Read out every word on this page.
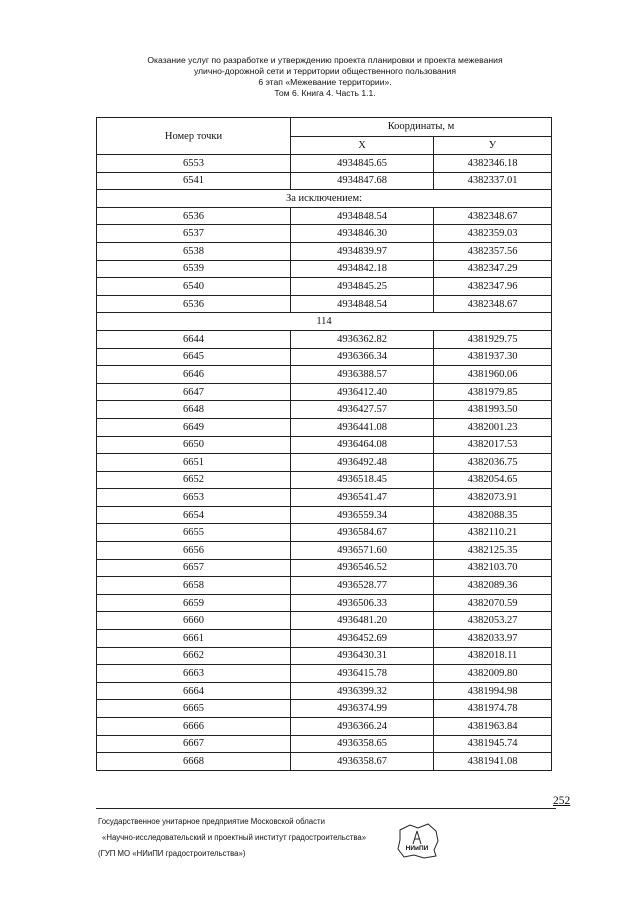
Оказание услуг по разработке и утверждению проекта планировки и проекта межевания
улично-дорожной сети и территории общественного пользования
6 этап «Межевание территории».
Том 6. Книга 4. Часть 1.1.
Номер точки	Координаты, м	
	X	У
6553	4934845.65	4382346.18
6541	4934847.68	4382337.01
За исключением:		
6536	4934848.54	4382348.67
6537	4934846.30	4382359.03
6538	4934839.97	4382357.56
6539	4934842.18	4382347.29
6540	4934845.25	4382347.96
6536	4934848.54	4382348.67
114		
6644	4936362.82	4381929.75
6645	4936366.34	4381937.30
6646	4936388.57	4381960.06
6647	4936412.40	4381979.85
6648	4936427.57	4381993.50
6649	4936441.08	4382001.23
6650	4936464.08	4382017.53
6651	4936492.48	4382036.75
6652	4936518.45	4382054.65
6653	4936541.47	4382073.91
6654	4936559.34	4382088.35
6655	4936584.67	4382110.21
6656	4936571.60	4382125.35
6657	4936546.52	4382103.70
6658	4936528.77	4382089.36
6659	4936506.33	4382070.59
6660	4936481.20	4382053.27
6661	4936452.69	4382033.97
6662	4936430.31	4382018.11
6663	4936415.78	4382009.80
6664	4936399.32	4381994.98
6665	4936374.99	4381974.78
6666	4936366.24	4381963.84
6667	4936358.65	4381945.74
6668	4936358.67	4381941.08
252
Государственное унитарное предприятие Московской области
«Научно-исследовательский и проектный институт градостроительства»
(ГУП МО «НИиПИ градостроительства»)
НИиПИ
